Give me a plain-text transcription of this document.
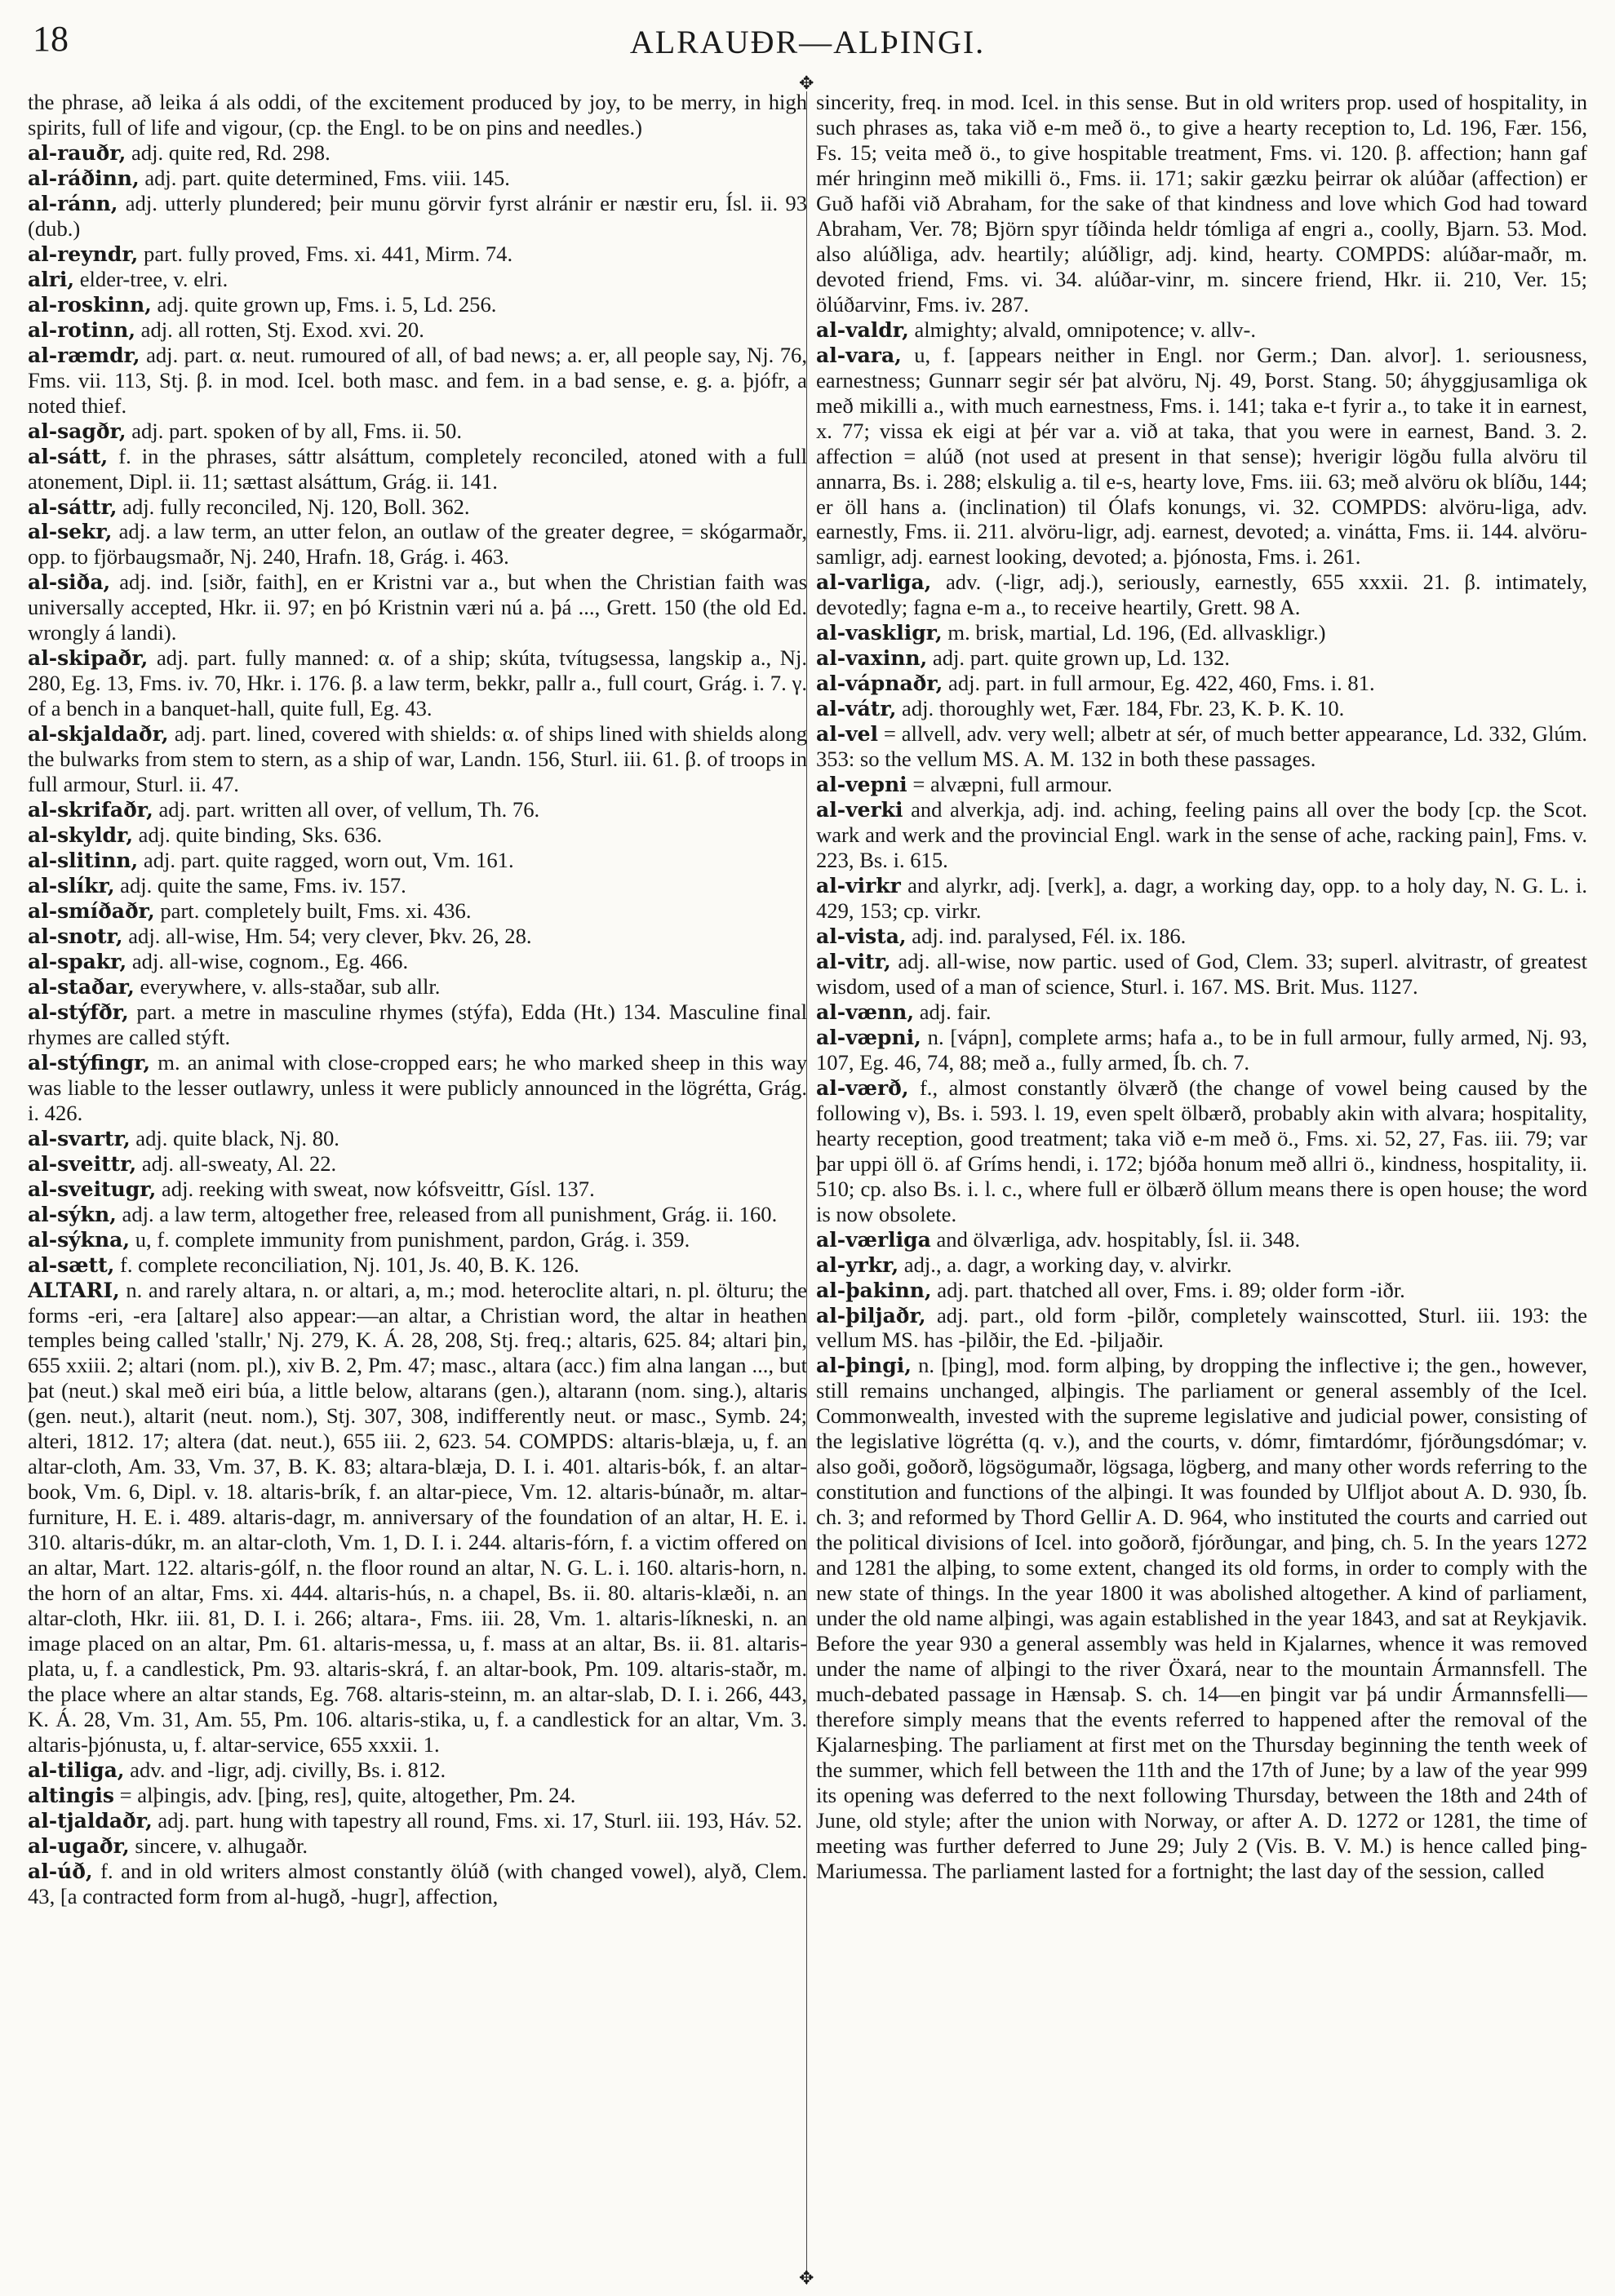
18	ALRAUÐR—ALÞINGI.
✥
✥

the phrase, að leika á als oddi, of the excitement produced by joy, to be merry, in high spirits, full of life and vigour, (cp. the Engl. to be on pins and needles.)

al-rauðr, adj. quite red, Rd. 298.

al-ráðinn, adj. part. quite determined, Fms. viii. 145.

al-ránn, adj. utterly plundered; þeir munu görvir fyrst alránir er næstir eru, Ísl. ii. 93 (dub.)

al-reyndr, part. fully proved, Fms. xi. 441, Mirm. 74.

alri, elder-tree, v. elri.

al-roskinn, adj. quite grown up, Fms. i. 5, Ld. 256.

al-rotinn, adj. all rotten, Stj. Exod. xvi. 20.

al-ræmdr, adj. part. α. neut. rumoured of all, of bad news; a. er, all people say, Nj. 76, Fms. vii. 113, Stj. β. in mod. Icel. both masc. and fem. in a bad sense, e. g. a. þjófr, a noted thief.

al-sagðr, adj. part. spoken of by all, Fms. ii. 50.

al-sátt, f. in the phrases, sáttr alsáttum, completely reconciled, atoned with a full atonement, Dipl. ii. 11; sættast alsáttum, Grág. ii. 141.

al-sáttr, adj. fully reconciled, Nj. 120, Boll. 362.

al-sekr, adj. a law term, an utter felon, an outlaw of the greater degree, = skógarmaðr, opp. to fjörbaugsmaðr, Nj. 240, Hrafn. 18, Grág. i. 463.

al-siða, adj. ind. [siðr, faith], en er Kristni var a., but when the Christian faith was universally accepted, Hkr. ii. 97; en þó Kristnin væri nú a. þá ..., Grett. 150 (the old Ed. wrongly á landi).

al-skipaðr, adj. part. fully manned: α. of a ship; skúta, tvítugsessa, langskip a., Nj. 280, Eg. 13, Fms. iv. 70, Hkr. i. 176. β. a law term, bekkr, pallr a., full court, Grág. i. 7. γ. of a bench in a banquet-hall, quite full, Eg. 43.

al-skjaldaðr, adj. part. lined, covered with shields: α. of ships lined with shields along the bulwarks from stem to stern, as a ship of war, Landn. 156, Sturl. iii. 61. β. of troops in full armour, Sturl. ii. 47.

al-skrifaðr, adj. part. written all over, of vellum, Th. 76.

al-skyldr, adj. quite binding, Sks. 636.

al-slitinn, adj. part. quite ragged, worn out, Vm. 161.

al-slíkr, adj. quite the same, Fms. iv. 157.

al-smíðaðr, part. completely built, Fms. xi. 436.

al-snotr, adj. all-wise, Hm. 54; very clever, Þkv. 26, 28.

al-spakr, adj. all-wise, cognom., Eg. 466.

al-staðar, everywhere, v. alls-staðar, sub allr.

al-stýfðr, part. a metre in masculine rhymes (stýfa), Edda (Ht.) 134. Masculine final rhymes are called stýft.

al-stýfingr, m. an animal with close-cropped ears; he who marked sheep in this way was liable to the lesser outlawry, unless it were publicly announced in the lögrétta, Grág. i. 426.

al-svartr, adj. quite black, Nj. 80.

al-sveittr, adj. all-sweaty, Al. 22.

al-sveitugr, adj. reeking with sweat, now kófsveittr, Gísl. 137.

al-sýkn, adj. a law term, altogether free, released from all punishment, Grág. ii. 160.

al-sýkna, u, f. complete immunity from punishment, pardon, Grág. i. 359.

al-sætt, f. complete reconciliation, Nj. 101, Js. 40, B. K. 126.

ALTARI, n. and rarely altara, n. or altari, a, m.; mod. heteroclite altari, n. pl. ölturu; the forms -eri, -era [altare] also appear:—an altar, a Christian word, the altar in heathen temples being called 'stallr,' Nj. 279, K. Á. 28, 208, Stj. freq.; altaris, 625. 84; altari þin, 655 xxiii. 2; altari (nom. pl.), xiv B. 2, Pm. 47; masc., altara (acc.) fim alna langan ..., but þat (neut.) skal með eiri búa, a little below, altarans (gen.), altarann (nom. sing.), altaris (gen. neut.), altarit (neut. nom.), Stj. 307, 308, indifferently neut. or masc., Symb. 24; alteri, 1812. 17; altera (dat. neut.), 655 iii. 2, 623. 54. COMPDS: altaris-blæja, u, f. an altar-cloth, Am. 33, Vm. 37, B. K. 83; altara-blæja, D. I. i. 401. altaris-bók, f. an altar-book, Vm. 6, Dipl. v. 18. altaris-brík, f. an altar-piece, Vm. 12. altaris-búnaðr, m. altar-furniture, H. E. i. 489. altaris-dagr, m. anniversary of the foundation of an altar, H. E. i. 310. altaris-dúkr, m. an altar-cloth, Vm. 1, D. I. i. 244. altaris-fórn, f. a victim offered on an altar, Mart. 122. altaris-gólf, n. the floor round an altar, N. G. L. i. 160. altaris-horn, n. the horn of an altar, Fms. xi. 444. altaris-hús, n. a chapel, Bs. ii. 80. altaris-klæði, n. an altar-cloth, Hkr. iii. 81, D. I. i. 266; altara-, Fms. iii. 28, Vm. 1. altaris-líkneski, n. an image placed on an altar, Pm. 61. altaris-messa, u, f. mass at an altar, Bs. ii. 81. altaris-plata, u, f. a candlestick, Pm. 93. altaris-skrá, f. an altar-book, Pm. 109. altaris-staðr, m. the place where an altar stands, Eg. 768. altaris-steinn, m. an altar-slab, D. I. i. 266, 443, K. Á. 28, Vm. 31, Am. 55, Pm. 106. altaris-stika, u, f. a candlestick for an altar, Vm. 3. altaris-þjónusta, u, f. altar-service, 655 xxxii. 1.

al-tiliga, adv. and -ligr, adj. civilly, Bs. i. 812.

altingis = alþingis, adv. [þing, res], quite, altogether, Pm. 24.

al-tjaldaðr, adj. part. hung with tapestry all round, Fms. xi. 17, Sturl. iii. 193, Háv. 52.

al-ugaðr, sincere, v. alhugaðr.

al-úð, f. and in old writers almost constantly ölúð (with changed vowel), alyð, Clem. 43, [a contracted form from al-hugð, -hugr], affection,

sincerity, freq. in mod. Icel. in this sense. But in old writers prop. used of hospitality, in such phrases as, taka við e-m með ö., to give a hearty reception to, Ld. 196, Fær. 156, Fs. 15; veita með ö., to give hospitable treatment, Fms. vi. 120. β. affection; hann gaf mér hringinn með mikilli ö., Fms. ii. 171; sakir gæzku þeirrar ok alúðar (affection) er Guð hafði við Abraham, for the sake of that kindness and love which God had toward Abraham, Ver. 78; Björn spyr tíðinda heldr tómliga af engri a., coolly, Bjarn. 53. Mod. also alúðliga, adv. heartily; alúðligr, adj. kind, hearty. COMPDS: alúðar-maðr, m. devoted friend, Fms. vi. 34. alúðar-vinr, m. sincere friend, Hkr. ii. 210, Ver. 15; ölúðarvinr, Fms. iv. 287.

al-valdr, almighty; alvald, omnipotence; v. allv-.

al-vara, u, f. [appears neither in Engl. nor Germ.; Dan. alvor]. 1. seriousness, earnestness; Gunnarr segir sér þat alvöru, Nj. 49, Þorst. Stang. 50; áhyggjusamliga ok með mikilli a., with much earnestness, Fms. i. 141; taka e-t fyrir a., to take it in earnest, x. 77; vissa ek eigi at þér var a. við at taka, that you were in earnest, Band. 3. 2. affection = alúð (not used at present in that sense); hverigir lögðu fulla alvöru til annarra, Bs. i. 288; elskulig a. til e-s, hearty love, Fms. iii. 63; með alvöru ok blíðu, 144; er öll hans a. (inclination) til Ólafs konungs, vi. 32. COMPDS: alvöru-liga, adv. earnestly, Fms. ii. 211. alvöru-ligr, adj. earnest, devoted; a. vinátta, Fms. ii. 144. alvöru-samligr, adj. earnest looking, devoted; a. þjónosta, Fms. i. 261.

al-varliga, adv. (-ligr, adj.), seriously, earnestly, 655 xxxii. 21. β. intimately, devotedly; fagna e-m a., to receive heartily, Grett. 98 A.

al-vaskligr, m. brisk, martial, Ld. 196, (Ed. allvaskligr.)

al-vaxinn, adj. part. quite grown up, Ld. 132.

al-vápnaðr, adj. part. in full armour, Eg. 422, 460, Fms. i. 81.

al-vátr, adj. thoroughly wet, Fær. 184, Fbr. 23, K. Þ. K. 10.

al-vel = allvell, adv. very well; albetr at sér, of much better appearance, Ld. 332, Glúm. 353: so the vellum MS. A. M. 132 in both these passages.

al-vepni = alvæpni, full armour.

al-verki and alverkja, adj. ind. aching, feeling pains all over the body [cp. the Scot. wark and werk and the provincial Engl. wark in the sense of ache, racking pain], Fms. v. 223, Bs. i. 615.

al-virkr and alyrkr, adj. [verk], a. dagr, a working day, opp. to a holy day, N. G. L. i. 429, 153; cp. virkr.

al-vista, adj. ind. paralysed, Fél. ix. 186.

al-vitr, adj. all-wise, now partic. used of God, Clem. 33; superl. alvitrastr, of greatest wisdom, used of a man of science, Sturl. i. 167. MS. Brit. Mus. 1127.

al-vænn, adj. fair.

al-væpni, n. [vápn], complete arms; hafa a., to be in full armour, fully armed, Nj. 93, 107, Eg. 46, 74, 88; með a., fully armed, Íb. ch. 7.

al-værð, f., almost constantly ölværð (the change of vowel being caused by the following v), Bs. i. 593. l. 19, even spelt ölbærð, probably akin with alvara; hospitality, hearty reception, good treatment; taka við e-m með ö., Fms. xi. 52, 27, Fas. iii. 79; var þar uppi öll ö. af Gríms hendi, i. 172; bjóða honum með allri ö., kindness, hospitality, ii. 510; cp. also Bs. i. l. c., where full er ölbærð öllum means there is open house; the word is now obsolete.

al-værliga and ölværliga, adv. hospitably, Ísl. ii. 348.

al-yrkr, adj., a. dagr, a working day, v. alvirkr.

al-þakinn, adj. part. thatched all over, Fms. i. 89; older form -iðr.

al-þiljaðr, adj. part., old form -þilðr, completely wainscotted, Sturl. iii. 193: the vellum MS. has -þilðir, the Ed. -þiljaðir.

al-þingi, n. [þing], mod. form alþing, by dropping the inflective i; the gen., however, still remains unchanged, alþingis. The parliament or general assembly of the Icel. Commonwealth, invested with the supreme legislative and judicial power, consisting of the legislative lögrétta (q. v.), and the courts, v. dómr, fimtardómr, fjórðungsdómar; v. also goði, goðorð, lögsögumaðr, lögsaga, lögberg, and many other words referring to the constitution and functions of the alþingi. It was founded by Ulfljot about A. D. 930, Íb. ch. 3; and reformed by Thord Gellir A. D. 964, who instituted the courts and carried out the political divisions of Icel. into goðorð, fjórðungar, and þing, ch. 5. In the years 1272 and 1281 the alþing, to some extent, changed its old forms, in order to comply with the new state of things. In the year 1800 it was abolished altogether. A kind of parliament, under the old name alþingi, was again established in the year 1843, and sat at Reykjavik. Before the year 930 a general assembly was held in Kjalarnes, whence it was removed under the name of alþingi to the river Öxará, near to the mountain Ármannsfell. The much-debated passage in Hænsaþ. S. ch. 14—en þingit var þá undir Ármannsfelli—therefore simply means that the events referred to happened after the removal of the Kjalarnesþing. The parliament at first met on the Thursday beginning the tenth week of the summer, which fell between the 11th and the 17th of June; by a law of the year 999 its opening was deferred to the next following Thursday, between the 18th and 24th of June, old style; after the union with Norway, or after A. D. 1272 or 1281, the time of meeting was further deferred to June 29; July 2 (Vis. B. V. M.) is hence called þing-Mariumessa. The parliament lasted for a fortnight; the last day of the session, called
